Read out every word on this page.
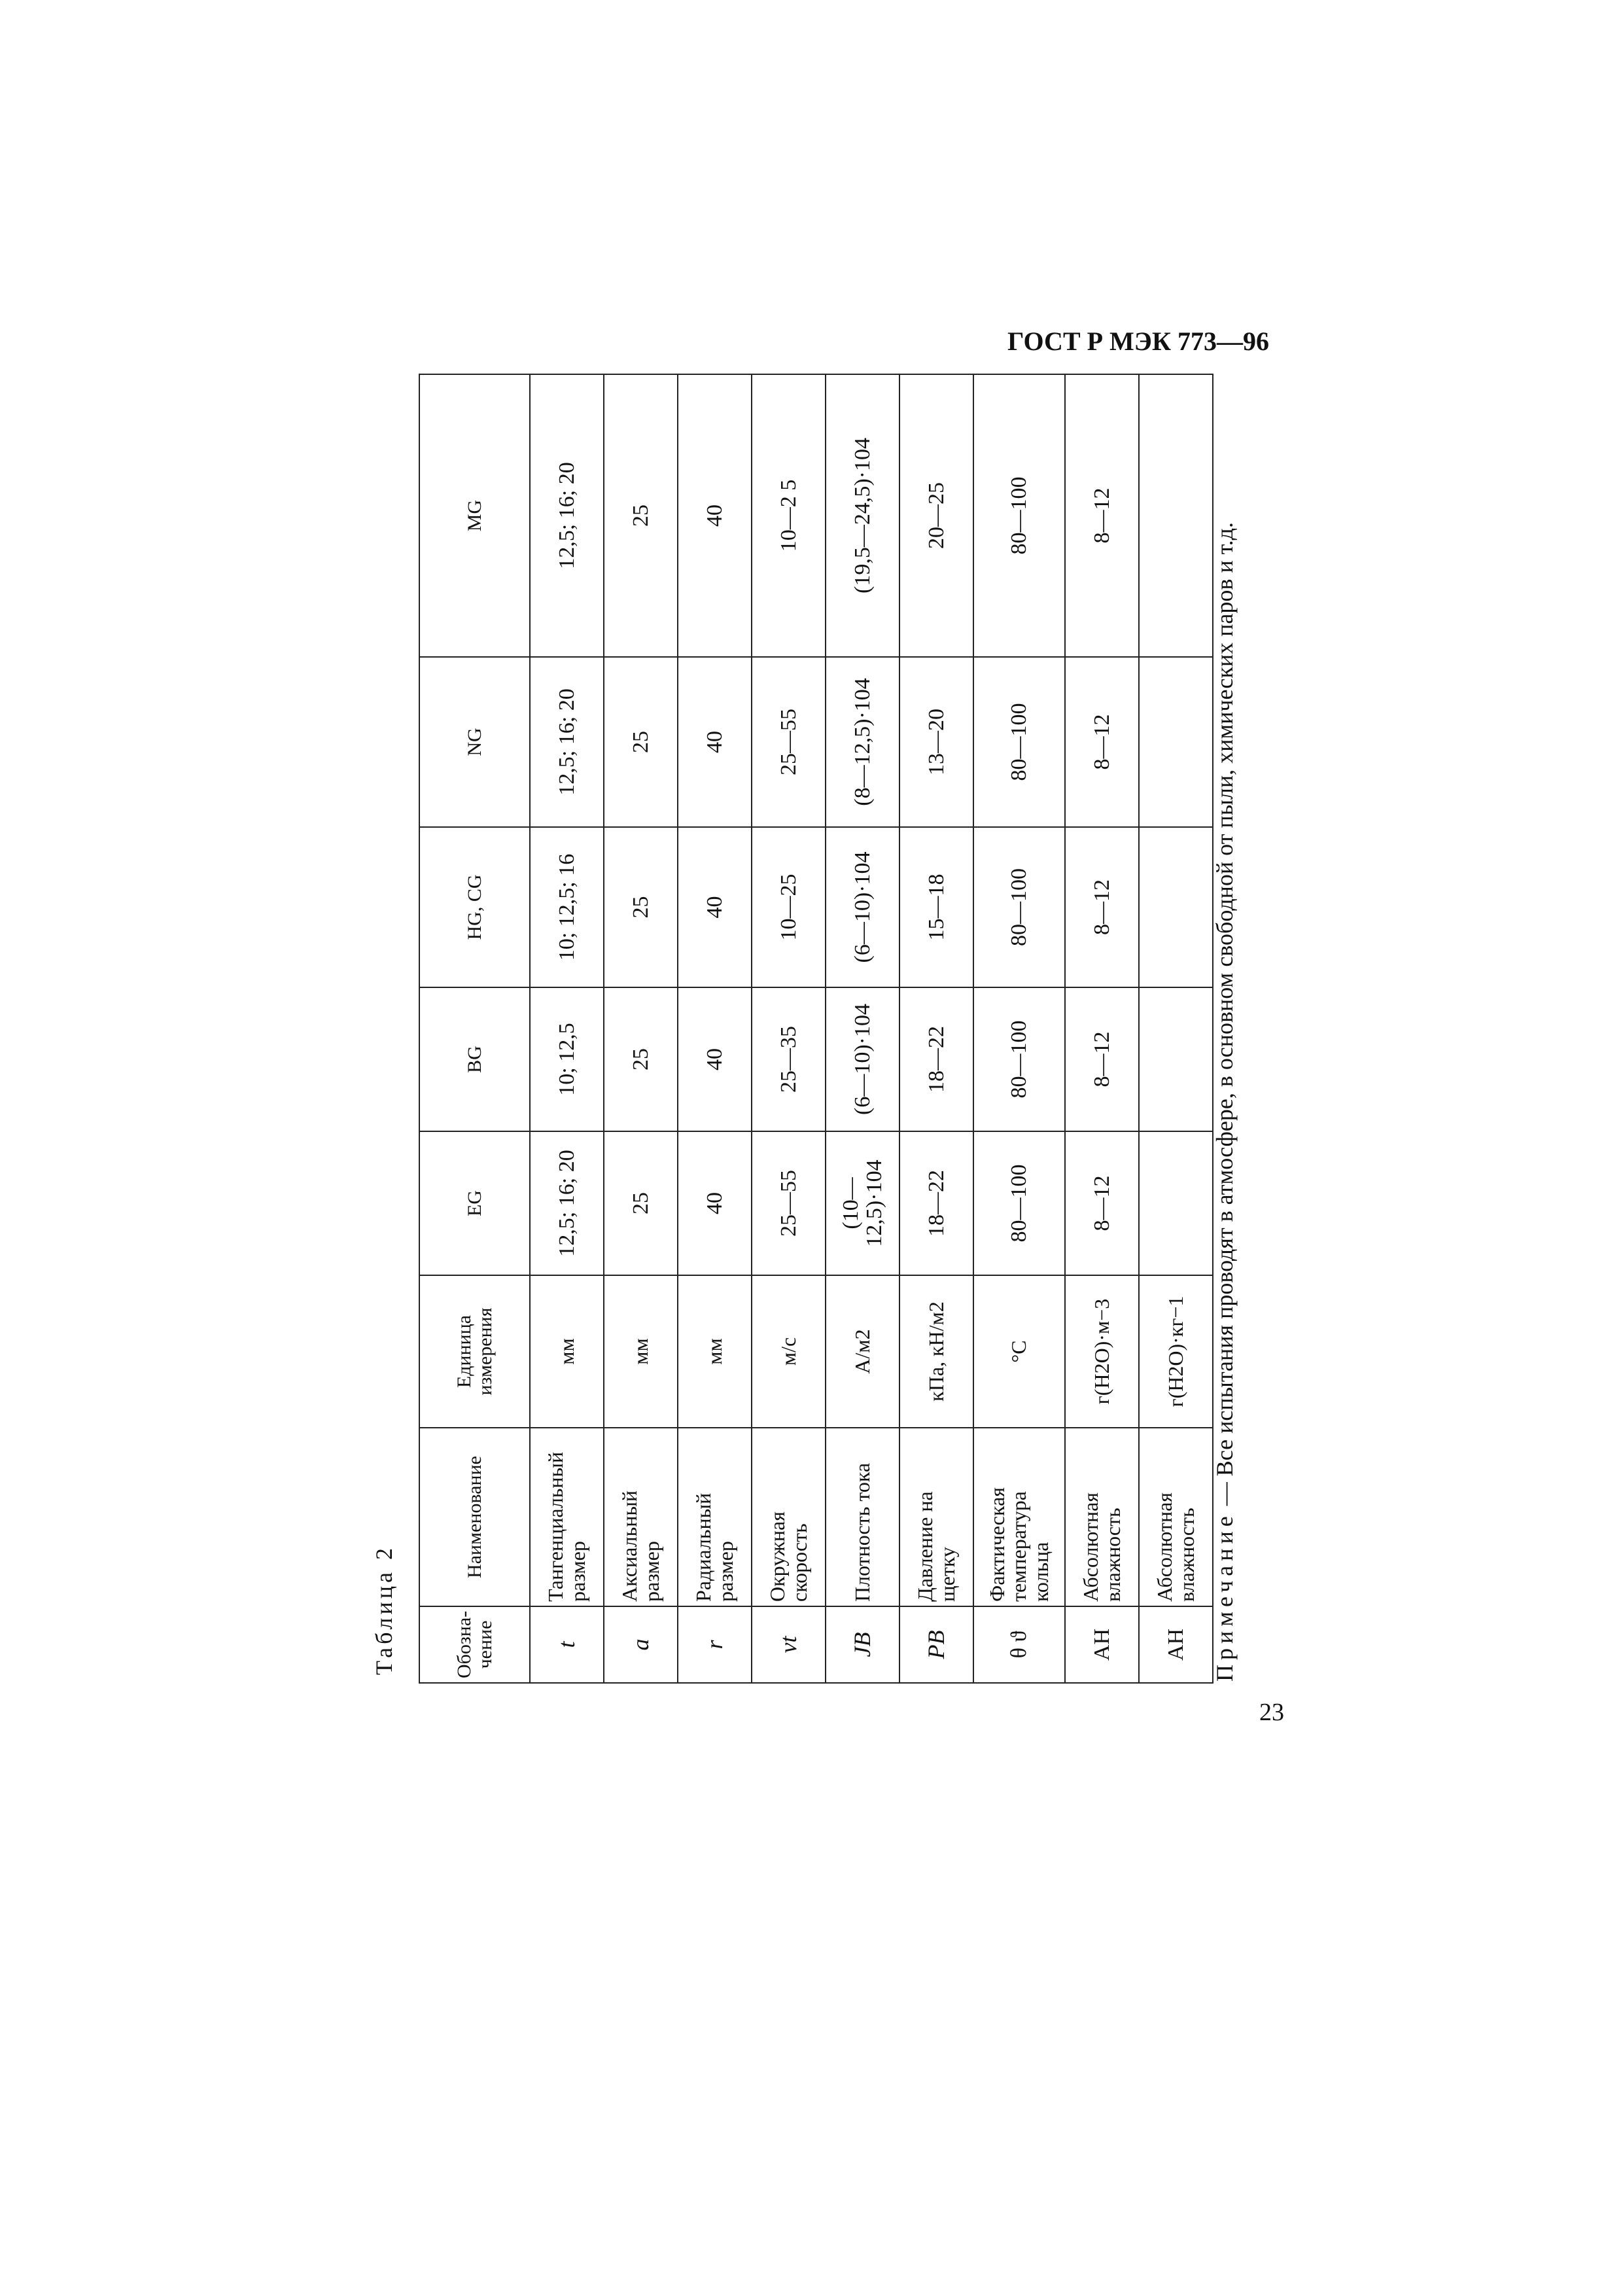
ГОСТ Р МЭК 773—96
23
Таблица 2	Обозна-чение	Наименование	Единица измерения	EG	BG	HG, CG	NG	MG
t	Тангенциальный размер	мм	12,5; 16; 20	10; 12,5	10; 12,5; 16	12,5; 16; 20	12,5; 16; 20
a	Аксиальный размер	мм	25	25	25	25	25
r	Радиальный размер	мм	40	40	40	40	40
vt	Окружная скорость	м/с	25—55	25—35	10—25	25—55	10—2 5
JB	Плотность тока	А/м2	(10—12,5)·104	(6—10)·104	(6—10)·104	(8—12,5)·104	(19,5—24,5)·104
PB	Давление на щетку	кПа, кН/м2	18—22	18—22	15—18	13—20	20—25
θ ϑ	Фактическая температура кольца	°С	80—100	80—100	80—100	80—100	80—100
АН	Абсолютная влажность	г(Н2О)·м−3	8—12	8—12	8—12	8—12	8—12
АН	Абсолютная влажность	г(Н2О)·кг−1					
Примечание — Все испытания проводят в атмосфере, в основном свободной от пыли, химических паров и т.д.
